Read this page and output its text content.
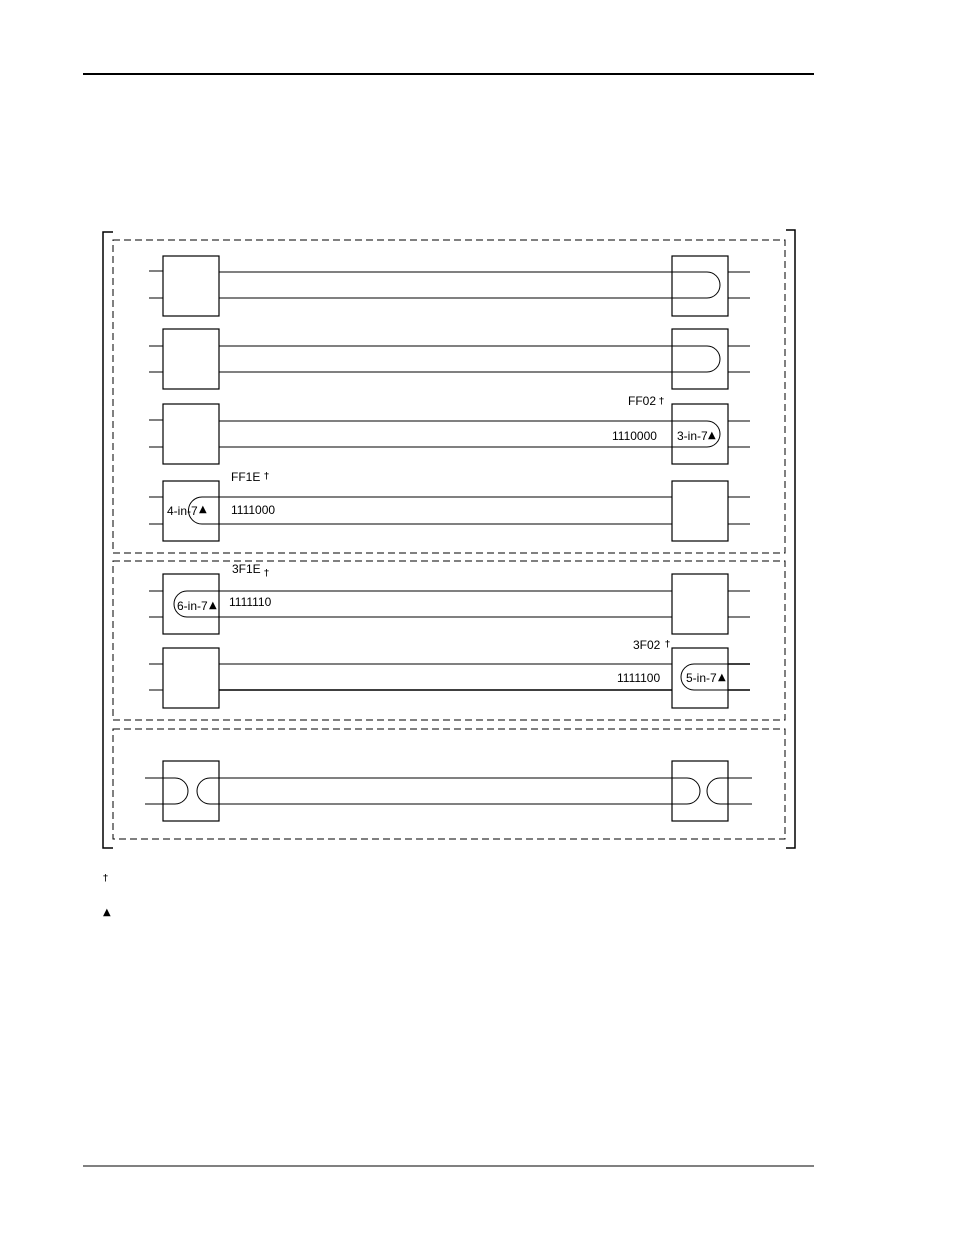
FF02 †
1110000 3-in-7 ▲
FF1E †
1111000
4-in-7 ▲
3F1E †
1111110
6-in-7 ▲
3F02 †
1111100 5-in-7 ▲
†
▲
